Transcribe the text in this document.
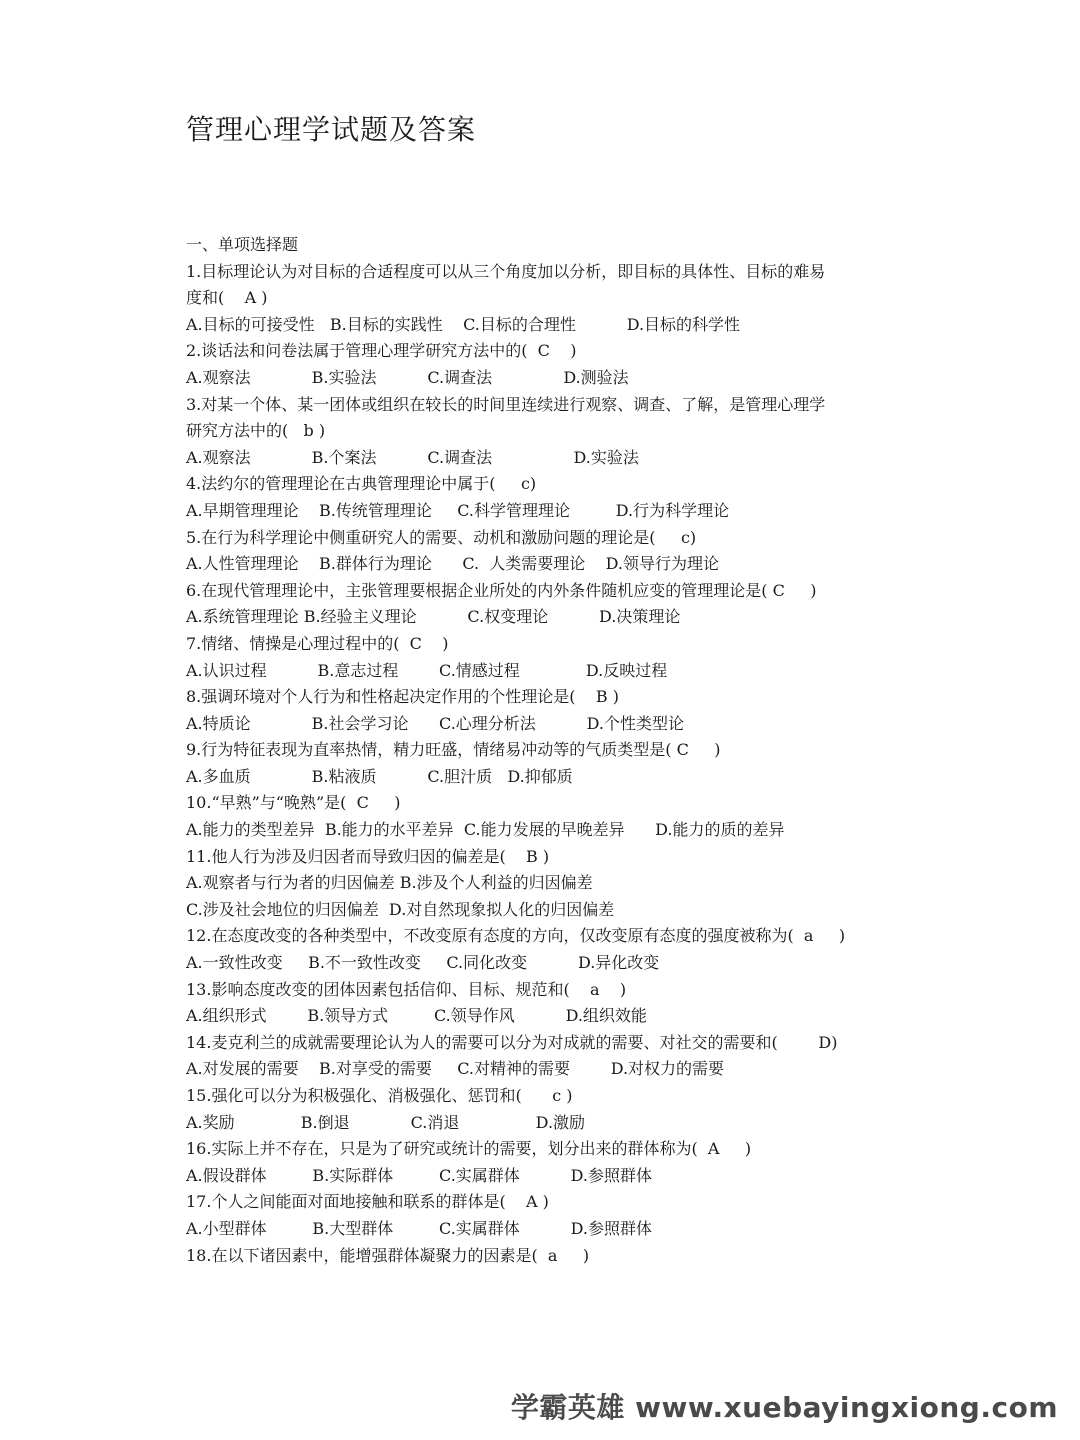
管理心理学试题及答案
一、单项选择题
1.目标理论认为对目标的合适程度可以从三个角度加以分析，即目标的具体性、目标的难易
度和(    A )
A.目标的可接受性   B.目标的实践性    C.目标的合理性          D.目标的科学性
2.谈话法和问卷法属于管理心理学研究方法中的(  C    )
A.观察法            B.实验法          C.调查法              D.测验法
3.对某一个体、某一团体或组织在较长的时间里连续进行观察、调查、了解，是管理心理学
研究方法中的(   b )
A.观察法            B.个案法          C.调查法                D.实验法
4.法约尔的管理理论在古典管理理论中属于(     c)
A.早期管理理论    B.传统管理理论     C.科学管理理论         D.行为科学理论
5.在行为科学理论中侧重研究人的需要、动机和激励问题的理论是(     c)
A.人性管理理论    B.群体行为理论      C.  人类需要理论    D.领导行为理论
6.在现代管理理论中，主张管理要根据企业所处的内外条件随机应变的管理理论是( C     )
A.系统管理理论 B.经验主义理论          C.权变理论          D.决策理论
7.情绪、情操是心理过程中的(  C    )
A.认识过程          B.意志过程        C.情感过程             D.反映过程
8.强调环境对个人行为和性格起决定作用的个性理论是(    B )
A.特质论            B.社会学习论      C.心理分析法          D.个性类型论
9.行为特征表现为直率热情，精力旺盛，情绪易冲动等的气质类型是( C     )
A.多血质            B.粘液质          C.胆汁质   D.抑郁质
10.“早熟”与“晚熟”是(  C     )
A.能力的类型差异  B.能力的水平差异  C.能力发展的早晚差异      D.能力的质的差异
11.他人行为涉及归因者而导致归因的偏差是(    B )
A.观察者与行为者的归因偏差 B.涉及个人利益的归因偏差
C.涉及社会地位的归因偏差  D.对自然现象拟人化的归因偏差
12.在态度改变的各种类型中，不改变原有态度的方向，仅改变原有态度的强度被称为(  a     )
A.一致性改变     B.不一致性改变     C.同化改变          D.异化改变
13.影响态度改变的团体因素包括信仰、目标、规范和(    a    )
A.组织形式        B.领导方式         C.领导作风          D.组织效能
14.麦克利兰的成就需要理论认为人的需要可以分为对成就的需要、对社交的需要和(        D)
A.对发展的需要    B.对享受的需要     C.对精神的需要        D.对权力的需要
15.强化可以分为积极强化、消极强化、惩罚和(      c )
A.奖励             B.倒退            C.消退               D.激励
16.实际上并不存在，只是为了研究或统计的需要，划分出来的群体称为(  A     )
A.假设群体         B.实际群体         C.实属群体          D.参照群体
17.个人之间能面对面地接触和联系的群体是(    A )
A.小型群体         B.大型群体         C.实属群体          D.参照群体
18.在以下诸因素中，能增强群体凝聚力的因素是(  a     )
学霸英雄 www.xuebayingxiong.com
